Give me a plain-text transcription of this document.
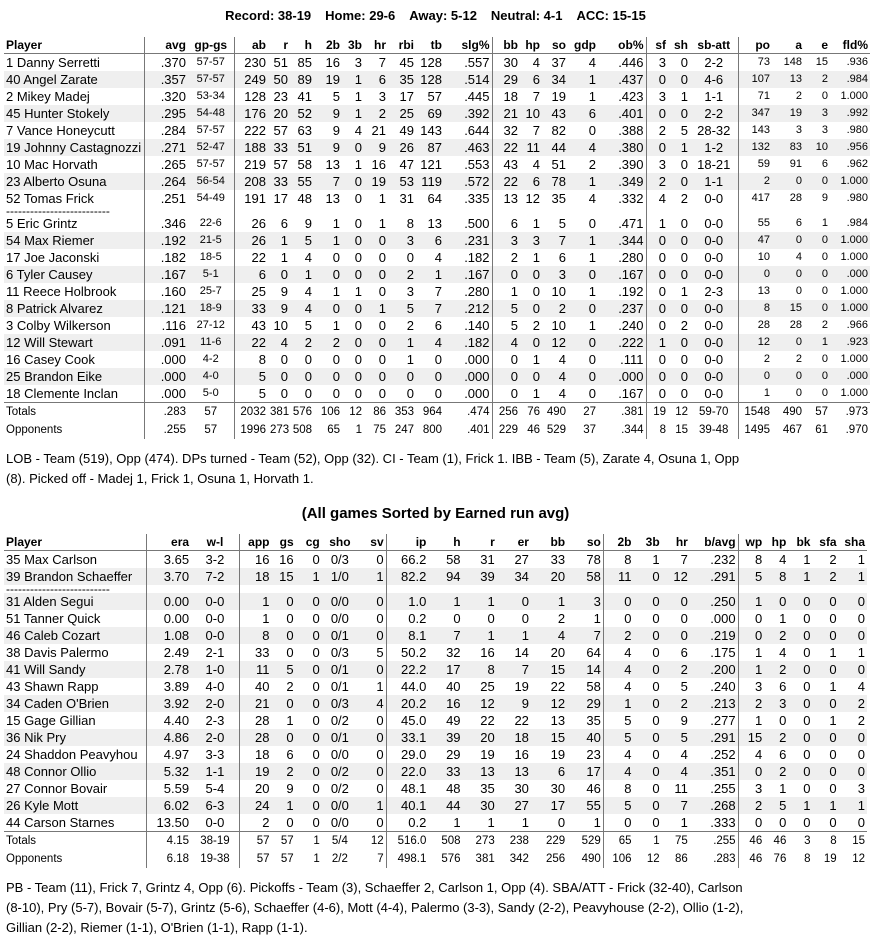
Record: 38-19 Home: 29-6 Away: 5-12 Neutral: 4-1 ACC: 15-15
Player	avg	gp-gs	ab	r	h	2b	3b	hr	rbi	tb	slg%	bb	hp	so	gdp	ob%	sf	sh	sb-att	po	a	e	fld%
1 Danny Serretti	.370	57-57	230	51	85	16	3	7	45	128	.557	30	4	37	4	.446	3	0	2-2	73	148	15	.936
40 Angel Zarate	.357	57-57	249	50	89	19	1	6	35	128	.514	29	6	34	1	.437	0	0	4-6	107	13	2	.984
2 Mikey Madej	.320	53-34	128	23	41	5	1	3	17	57	.445	18	7	19	1	.423	3	1	1-1	71	2	0	1.000
45 Hunter Stokely	.295	54-48	176	20	52	9	1	2	25	69	.392	21	10	43	6	.401	0	0	2-2	347	19	3	.992
7 Vance Honeycutt	.284	57-57	222	57	63	9	4	21	49	143	.644	32	7	82	0	.388	2	5	28-32	143	3	3	.980
19 Johnny Castagnozzi	.271	52-47	188	33	51	9	0	9	26	87	.463	22	11	44	4	.380	0	1	1-2	132	83	10	.956
10 Mac Horvath	.265	57-57	219	57	58	13	1	16	47	121	.553	43	4	51	2	.390	3	0	18-21	59	91	6	.962
23 Alberto Osuna	.264	56-54	208	33	55	7	0	19	53	119	.572	22	6	78	1	.349	2	0	1-1	2	0	0	1.000
52 Tomas Frick	.251	54-49	191	17	48	13	0	1	31	64	.335	13	12	35	4	.332	4	2	0-0	417	28	9	.980
--------------------------																							
5 Eric Grintz	.346	22-6	26	6	9	1	0	1	8	13	.500	6	1	5	0	.471	1	0	0-0	55	6	1	.984
54 Max Riemer	.192	21-5	26	1	5	1	0	0	3	6	.231	3	3	7	1	.344	0	0	0-0	47	0	0	1.000
17 Joe Jaconski	.182	18-5	22	1	4	0	0	0	0	4	.182	2	1	6	1	.280	0	0	0-0	10	4	0	1.000
6 Tyler Causey	.167	5-1	6	0	1	0	0	0	2	1	.167	0	0	3	0	.167	0	0	0-0	0	0	0	.000
11 Reece Holbrook	.160	25-7	25	9	4	1	1	0	3	7	.280	1	0	10	1	.192	0	1	2-3	13	0	0	1.000
8 Patrick Alvarez	.121	18-9	33	9	4	0	0	1	5	7	.212	5	0	2	0	.237	0	0	0-0	8	15	0	1.000
3 Colby Wilkerson	.116	27-12	43	10	5	1	0	0	2	6	.140	5	2	10	1	.240	0	2	0-0	28	28	2	.966
12 Will Stewart	.091	11-6	22	4	2	2	0	0	1	4	.182	4	0	12	0	.222	1	0	0-0	12	0	1	.923
16 Casey Cook	.000	4-2	8	0	0	0	0	0	1	0	.000	0	1	4	0	.111	0	0	0-0	2	2	0	1.000
25 Brandon Eike	.000	4-0	5	0	0	0	0	0	0	0	.000	0	0	4	0	.000	0	0	0-0	0	0	0	.000
18 Clemente Inclan	.000	5-0	5	0	0	0	0	0	0	0	.000	0	1	4	0	.167	0	0	0-0	1	0	0	1.000
Totals	.283	57	2032	381	576	106	12	86	353	964	.474	256	76	490	27	.381	19	12	59-70	1548	490	57	.973
Opponents	.255	57	1996	273	508	65	1	75	247	800	.401	229	46	529	37	.344	8	15	39-48	1495	467	61	.970

LOB - Team (519), Opp (474). DPs turned - Team (52), Opp (32). CI - Team (1), Frick 1. IBB - Team (5), Zarate 4, Osuna 1, Opp (8). Picked off - Madej 1, Frick 1, Osuna 1, Horvath 1.

(All games Sorted by Earned run avg)
Player	era	w-l	app	gs	cg	sho	sv	ip	h	r	er	bb	so	2b	3b	hr	b/avg	wp	hp	bk	sfa	sha
35 Max Carlson	3.65	3-2	16	16	0	0/3	0	66.2	58	31	27	33	78	8	1	7	.232	8	4	1	2	1
39 Brandon Schaeffer	3.70	7-2	18	15	1	1/0	1	82.2	94	39	34	20	58	11	0	12	.291	5	8	1	2	1
--------------------------																						
31 Alden Segui	0.00	0-0	1	0	0	0/0	0	1.0	1	1	0	1	3	0	0	0	.250	1	0	0	0	0
51 Tanner Quick	0.00	0-0	1	0	0	0/0	0	0.2	0	0	0	2	1	0	0	0	.000	0	1	0	0	0
46 Caleb Cozart	1.08	0-0	8	0	0	0/1	0	8.1	7	1	1	4	7	2	0	0	.219	0	2	0	0	0
38 Davis Palermo	2.49	2-1	33	0	0	0/3	5	50.2	32	16	14	20	64	4	0	6	.175	1	4	0	1	1
41 Will Sandy	2.78	1-0	11	5	0	0/1	0	22.2	17	8	7	15	14	4	0	2	.200	1	2	0	0	0
43 Shawn Rapp	3.89	4-0	40	2	0	0/1	1	44.0	40	25	19	22	58	4	0	5	.240	3	6	0	1	4
34 Caden O'Brien	3.92	2-0	21	0	0	0/3	4	20.2	16	12	9	12	29	1	0	2	.213	2	3	0	0	2
15 Gage Gillian	4.40	2-3	28	1	0	0/2	0	45.0	49	22	22	13	35	5	0	9	.277	1	0	0	1	2
36 Nik Pry	4.86	2-0	28	0	0	0/1	0	33.1	39	20	18	15	40	5	0	5	.291	15	2	0	0	0
24 Shaddon Peavyhou	4.97	3-3	18	6	0	0/0	0	29.0	29	19	16	19	23	4	0	4	.252	4	6	0	0	0
48 Connor Ollio	5.32	1-1	19	2	0	0/2	0	22.0	33	13	13	6	17	4	0	4	.351	0	2	0	0	0
27 Connor Bovair	5.59	5-4	20	9	0	0/2	0	48.1	48	35	30	30	46	8	0	11	.255	3	1	0	0	3
26 Kyle Mott	6.02	6-3	24	1	0	0/0	1	40.1	44	30	27	17	55	5	0	7	.268	2	5	1	1	1
44 Carson Starnes	13.50	0-0	2	0	0	0/0	0	0.2	1	1	1	0	1	0	0	1	.333	0	0	0	0	0
Totals	4.15	38-19	57	57	1	5/4	12	516.0	508	273	238	229	529	65	1	75	.255	46	46	3	8	15
Opponents	6.18	19-38	57	57	1	2/2	7	498.1	576	381	342	256	490	106	12	86	.283	46	76	8	19	12

PB - Team (11), Frick 7, Grintz 4, Opp (6). Pickoffs - Team (3), Schaeffer 2, Carlson 1, Opp (4). SBA/ATT - Frick (32-40), Carlson (8-10), Pry (5-7), Bovair (5-7), Grintz (5-6), Schaeffer (4-6), Mott (4-4), Palermo (3-3), Sandy (2-2), Peavyhouse (2-2), Ollio (1-2), Gillian (2-2), Riemer (1-1), O'Brien (1-1), Rapp (1-1).
